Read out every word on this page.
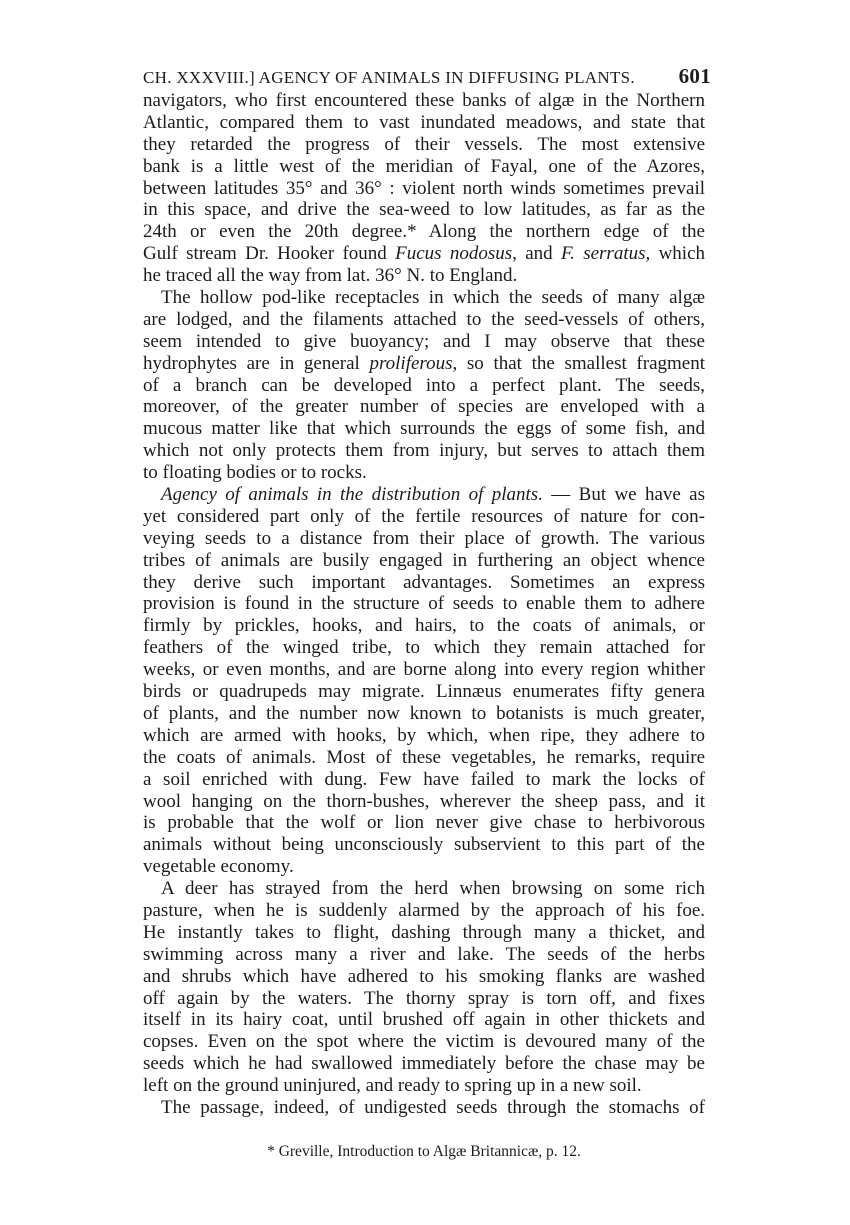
CH. XXXVIII.] AGENCY OF ANIMALS IN DIFFUSING PLANTS.	601
navigators, who first encountered these banks of algæ in the Northern
Atlantic, compared them to vast inundated meadows, and state that
they retarded the progress of their vessels. The most extensive
bank is a little west of the meridian of Fayal, one of the Azores,
between latitudes 35° and 36° : violent north winds sometimes prevail
in this space, and drive the sea-weed to low latitudes, as far as the
24th or even the 20th degree.* Along the northern edge of the
Gulf stream Dr. Hooker found Fucus nodosus, and F. serratus, which
he traced all the way from lat. 36° N. to England.
The hollow pod-like receptacles in which the seeds of many algæ
are lodged, and the filaments attached to the seed-vessels of others,
seem intended to give buoyancy; and I may observe that these
hydrophytes are in general proliferous, so that the smallest fragment
of a branch can be developed into a perfect plant. The seeds,
moreover, of the greater number of species are enveloped with a
mucous matter like that which surrounds the eggs of some fish, and
which not only protects them from injury, but serves to attach them
to floating bodies or to rocks.
Agency of animals in the distribution of plants. — But we have as
yet considered part only of the fertile resources of nature for con-
veying seeds to a distance from their place of growth. The various
tribes of animals are busily engaged in furthering an object whence
they derive such important advantages. Sometimes an express
provision is found in the structure of seeds to enable them to adhere
firmly by prickles, hooks, and hairs, to the coats of animals, or
feathers of the winged tribe, to which they remain attached for
weeks, or even months, and are borne along into every region whither
birds or quadrupeds may migrate. Linnæus enumerates fifty genera
of plants, and the number now known to botanists is much greater,
which are armed with hooks, by which, when ripe, they adhere to
the coats of animals. Most of these vegetables, he remarks, require
a soil enriched with dung. Few have failed to mark the locks of
wool hanging on the thorn-bushes, wherever the sheep pass, and it
is probable that the wolf or lion never give chase to herbivorous
animals without being unconsciously subservient to this part of the
vegetable economy.
A deer has strayed from the herd when browsing on some rich
pasture, when he is suddenly alarmed by the approach of his foe.
He instantly takes to flight, dashing through many a thicket, and
swimming across many a river and lake. The seeds of the herbs
and shrubs which have adhered to his smoking flanks are washed
off again by the waters. The thorny spray is torn off, and fixes
itself in its hairy coat, until brushed off again in other thickets and
copses. Even on the spot where the victim is devoured many of the
seeds which he had swallowed immediately before the chase may be
left on the ground uninjured, and ready to spring up in a new soil.
The passage, indeed, of undigested seeds through the stomachs of
* Greville, Introduction to Algæ Britannicæ, p. 12.
